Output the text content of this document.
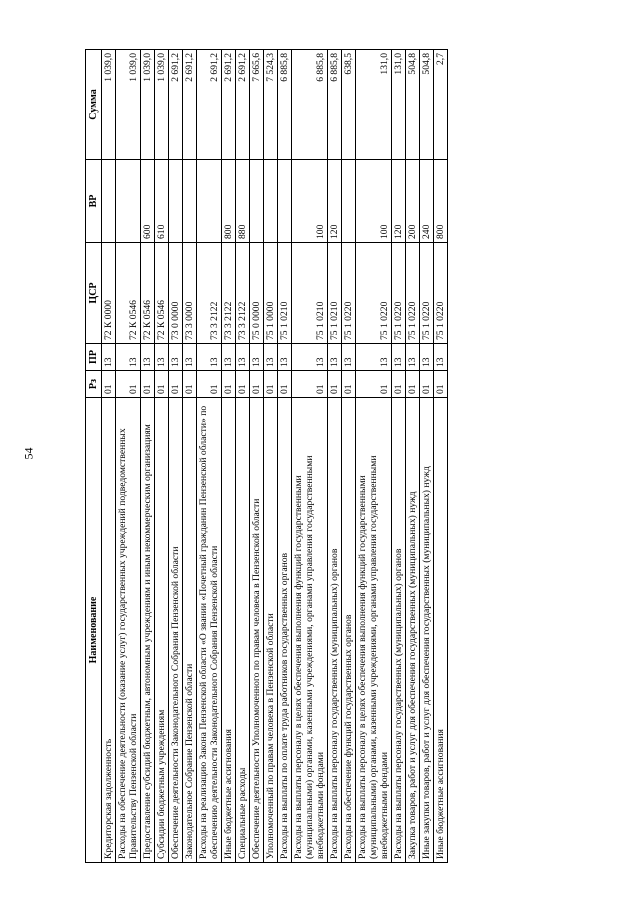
54
Наименование	Рз	ПР	ЦСР	ВР	Сумма
Кредиторская задолженность	01	13	72 К 0000		1 039,0
Расходы на обеспечение деятельности (оказание услуг) государственных учреждений подведомственных Правительству Пензенской области	01	13	72 К 0546		1 039,0
Предоставление субсидий бюджетным, автономным учреждениям и иным некоммерческим организациям	01	13	72 К 0546	600	1 039,0
Субсидии бюджетным учреждениям	01	13	72 К 0546	610	1 039,0
Обеспечение деятельности Законодательного Собрания Пензенской области	01	13	73 0 0000		2 691,2
Законодательное Собрание Пензенской области	01	13	73 3 0000		2 691,2
Расходы на реализацию Закона Пензенской области «О звании «Почетный гражданин Пензенской области» по обеспечению деятельности Законодательного Собрания Пензенской области	01	13	73 3 2122		2 691,2
Иные бюджетные ассигнования	01	13	73 3 2122	800	2 691,2
Специальные расходы	01	13	73 3 2122	880	2 691,2
Обеспечение деятельности Уполномоченного по правам человека в Пензенской области	01	13	75 0 0000		7 665,6
Уполномоченный по правам человека в Пензенской области	01	13	75 1 0000		7 524,3
Расходы на выплаты по оплате труда работников государственных органов	01	13	75 1 0210		6 885,8
Расходы на выплаты персоналу в целях обеспечения выполнения функций государственными (муниципальными) органами, казенными учреждениями, органами управления государственными внебюджетными фондами	01	13	75 1 0210	100	6 885,8
Расходы на выплаты персоналу государственных (муниципальных) органов	01	13	75 1 0210	120	6 885,8
Расходы на обеспечение функций государственных органов	01	13	75 1 0220		638,5
Расходы на выплаты персоналу в целях обеспечения выполнения функций государственными (муниципальными) органами, казенными учреждениями, органами управления государственными внебюджетными фондами	01	13	75 1 0220	100	131,0
Расходы на выплаты персоналу государственных (муниципальных) органов	01	13	75 1 0220	120	131,0
Закупка товаров, работ и услуг для обеспечения государственных (муниципальных) нужд	01	13	75 1 0220	200	504,8
Иные закупки товаров, работ и услуг для обеспечения государственных (муниципальных) нужд	01	13	75 1 0220	240	504,8
Иные бюджетные ассигнования	01	13	75 1 0220	800	2,7
